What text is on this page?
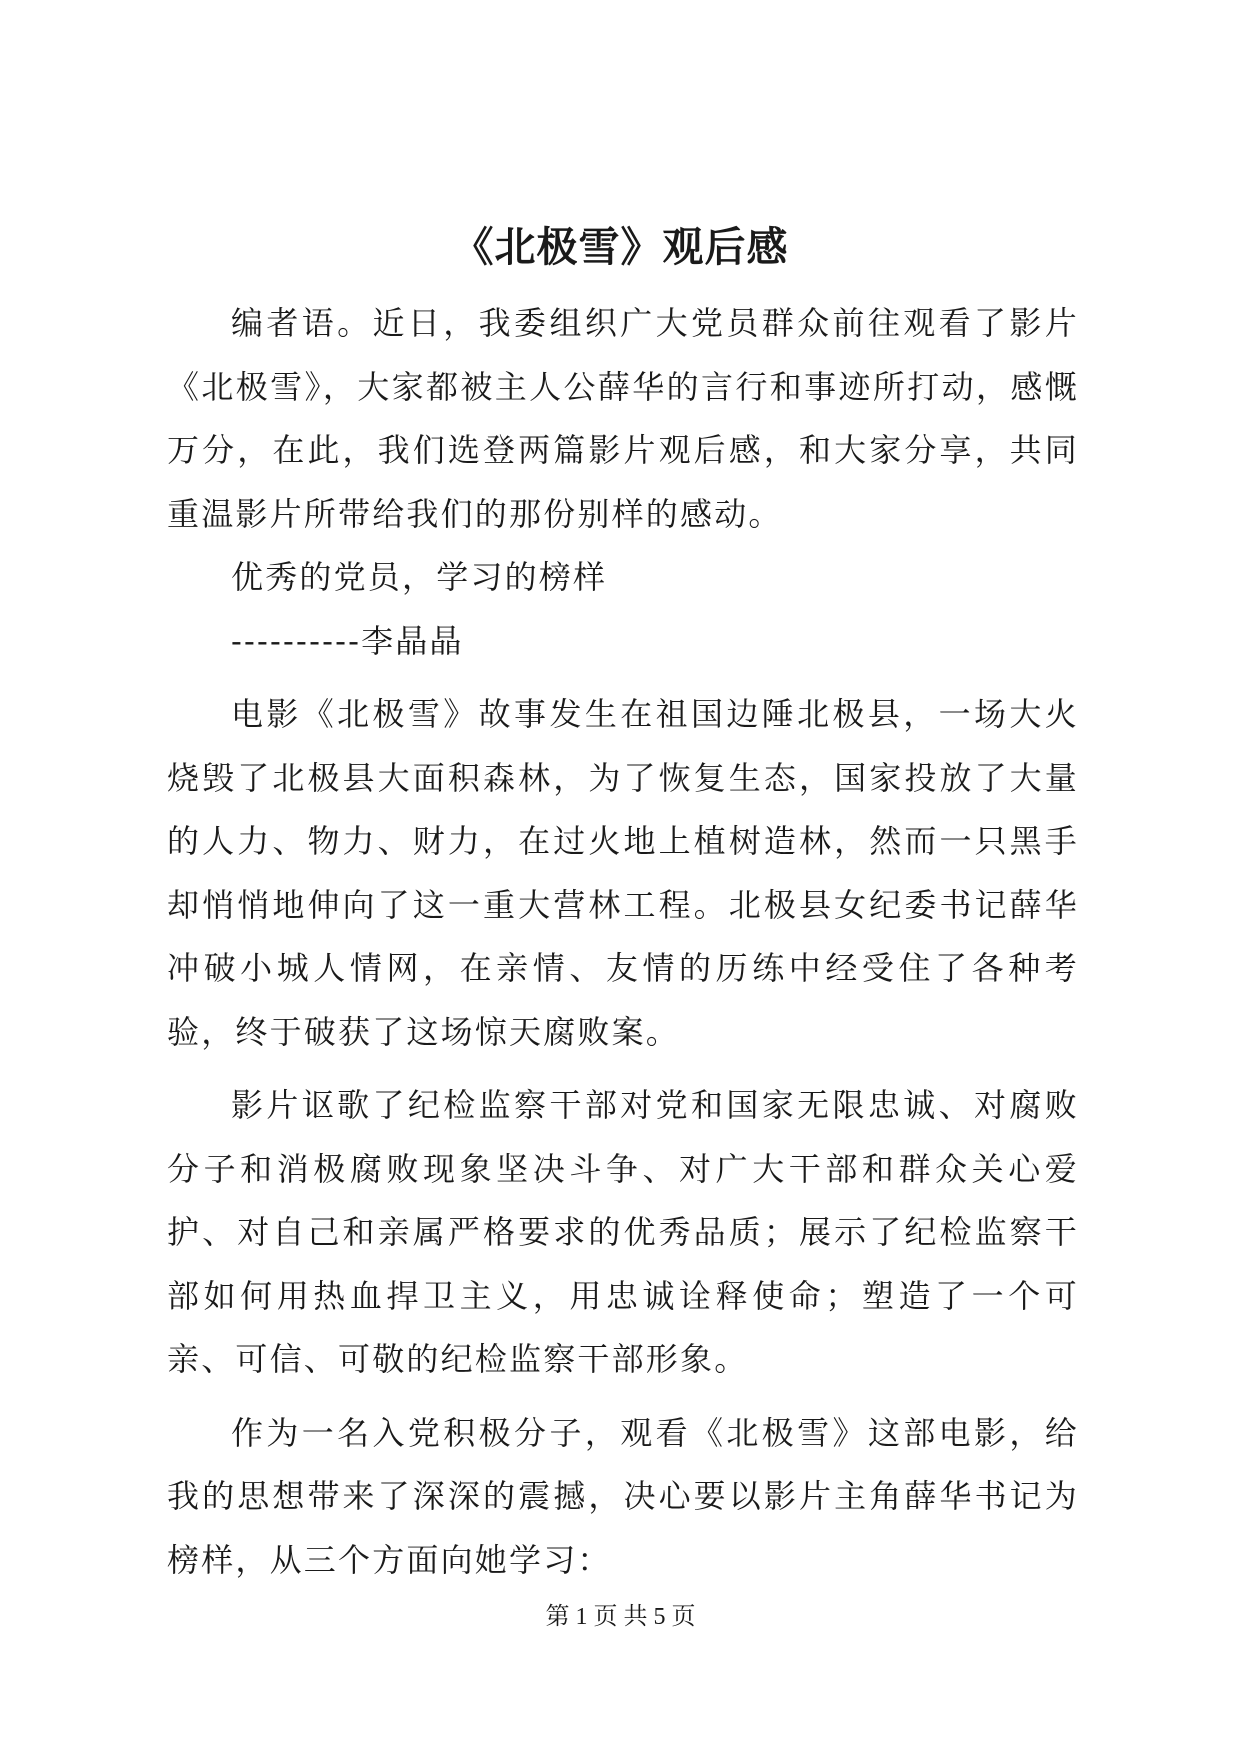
《北极雪》观后感

编者语。近日，我委组织广大党员群众前往观看了影片《北极雪》，大家都被主人公薛华的言行和事迹所打动，感慨万分，在此，我们选登两篇影片观后感，和大家分享，共同重温影片所带给我们的那份别样的感动。

优秀的党员，学习的榜样

----------李晶晶

电影《北极雪》故事发生在祖国边陲北极县，一场大火烧毁了北极县大面积森林，为了恢复生态，国家投放了大量的人力、物力、财力，在过火地上植树造林，然而一只黑手却悄悄地伸向了这一重大营林工程。北极县女纪委书记薛华冲破小城人情网，在亲情、友情的历练中经受住了各种考验，终于破获了这场惊天腐败案。

影片讴歌了纪检监察干部对党和国家无限忠诚、对腐败分子和消极腐败现象坚决斗争、对广大干部和群众关心爱护、对自己和亲属严格要求的优秀品质；展示了纪检监察干部如何用热血捍卫主义，用忠诚诠释使命；塑造了一个可亲、可信、可敬的纪检监察干部形象。

作为一名入党积极分子，观看《北极雪》这部电影，给我的思想带来了深深的震撼，决心要以影片主角薛华书记为榜样，从三个方面向她学习：

第 1 页 共 5 页
